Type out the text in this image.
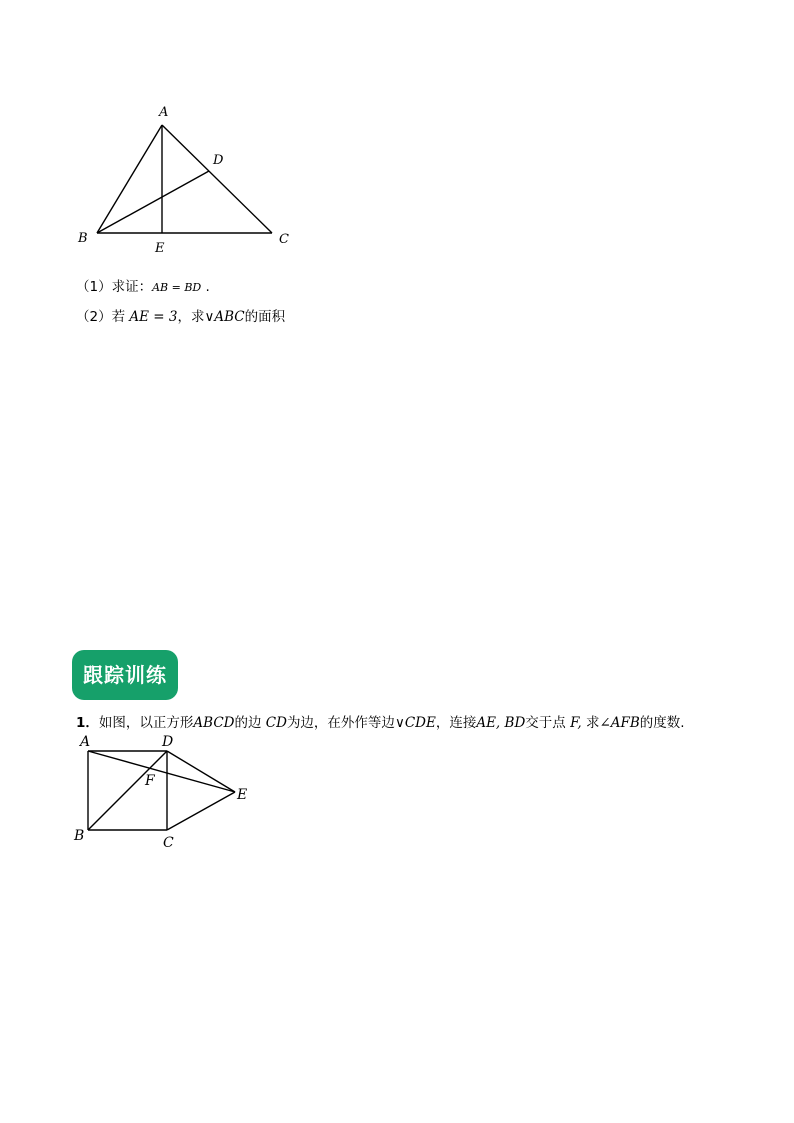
A
B	C
D
E
（1）求证：AB = BD .
（2）若 AE = 3，求∨ABC的面积
跟踪训练
1．如图，以正方形ABCD的边 CD为边，在外作等边∨CDE，连接AE, BD交于点 F, 求∠AFB的度数.
A	D
F
E
B	C
